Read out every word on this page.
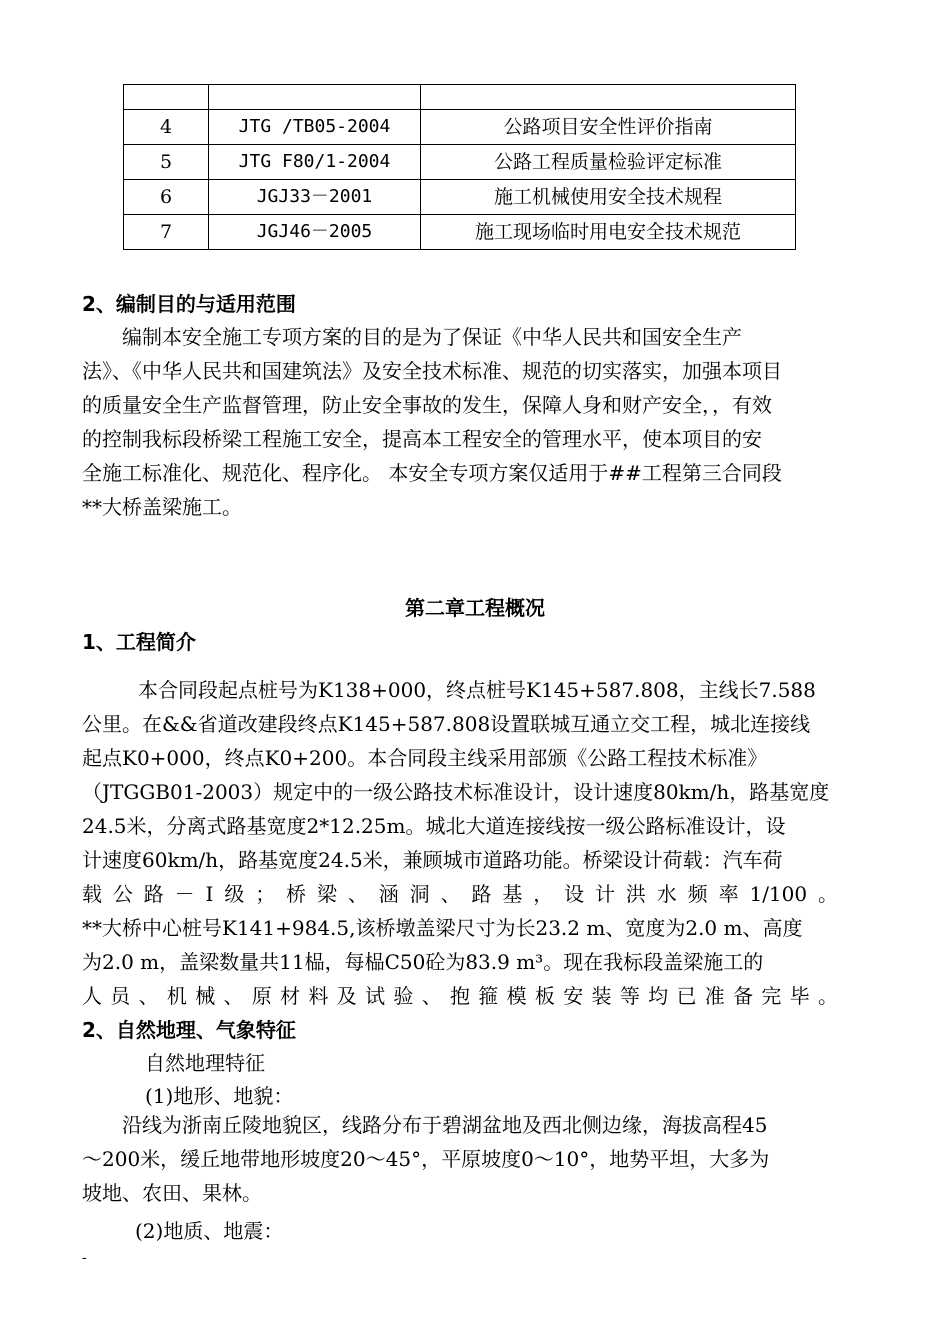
4	JTG /TB05-2004	公路项目安全性评价指南
5	JTG F80/1-2004	公路工程质量检验评定标准
6	JGJ33－2001	施工机械使用安全技术规程
7	JGJ46－2005	施工现场临时用电安全技术规范
2、编制目的与适用范围
编制本安全施工专项方案的目的是为了保证《中华人民共和国安全生产
法》、《中华人民共和国建筑法》及安全技术标准、规范的切实落实，加强本项目
的质量安全生产监督管理，防止安全事故的发生，保障人身和财产安全，，有效
的控制我标段桥梁工程施工安全，提高本工程安全的管理水平，使本项目的安
全施工标准化、规范化、程序化。 本安全专项方案仅适用于##工程第三合同段
**大桥盖梁施工。
第二章工程概况
1、工程简介
本合同段起点桩号为K138+000，终点桩号K145+587.808，主线长7.588
公里。在&&省道改建段终点K145+587.808设置联城互通立交工程，城北连接线
起点K0+000，终点K0+200。本合同段主线采用部颁《公路工程技术标准》
（JTGGB01-2003）规定中的一级公路技术标准设计，设计速度80km/h，路基宽度
24.5米，分离式路基宽度2*12.25m。城北大道连接线按一级公路标准设计，设
计速度60km/h，路基宽度24.5米，兼顾城市道路功能。桥梁设计荷载：汽车荷
载公路－Ⅰ级；桥梁、涵洞、路基，设计洪水频率1/100。
**大桥中心桩号K141+984.5,该桥墩盖梁尺寸为长23.2 m、宽度为2.0 m、高度
为2.0 m，盖梁数量共11榀，每榀C50砼为83.9 m³。现在我标段盖梁施工的
人员、机械、原材料及试验、抱箍模板安装等均已准备完毕。
2、自然地理、气象特征
自然地理特征
(1)地形、地貌：
沿线为浙南丘陵地貌区，线路分布于碧湖盆地及西北侧边缘，海拔高程45
～200米，缓丘地带地形坡度20～45°，平原坡度0～10°，地势平坦，大多为
坡地、农田、果林。
(2)地质、地震：
-
